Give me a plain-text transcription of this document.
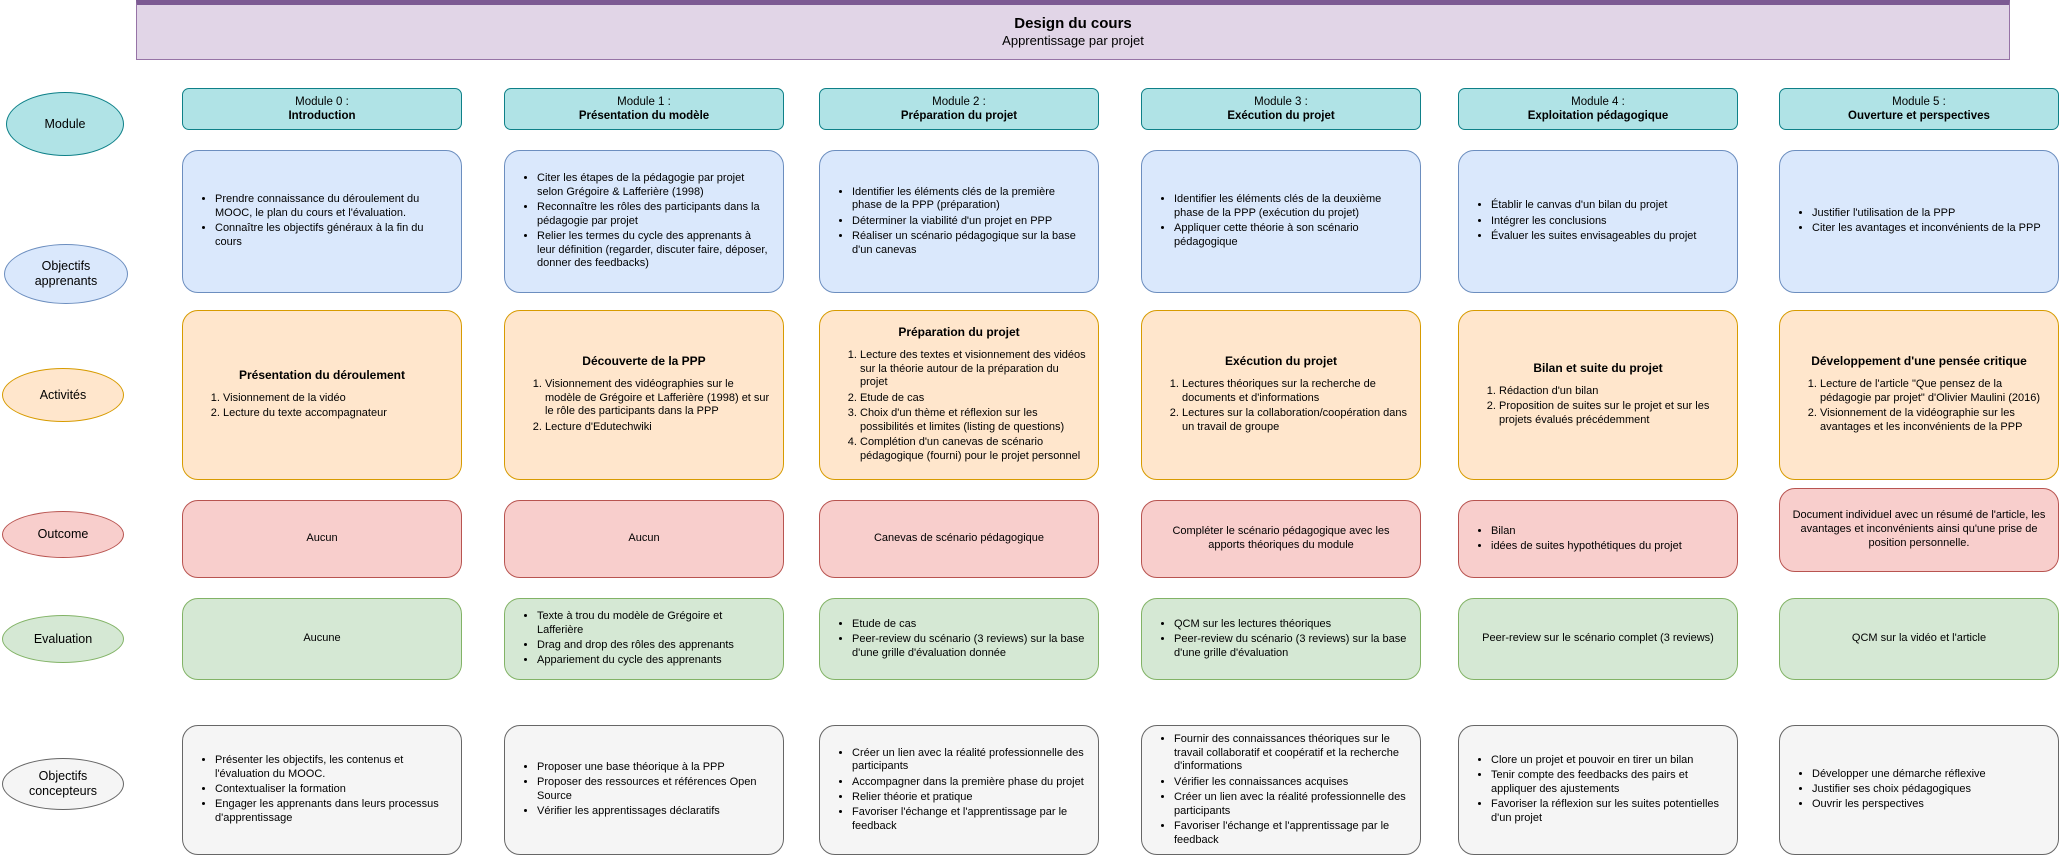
Design du cours
Apprentissage par projet
Module
Objectifs apprenants
Activités
Outcome
Evaluation
Objectifs concepteurs
Module 0 :
Introduction
• Prendre connaissance du déroulement du MOOC, le plan du cours et l'évaluation.
• Connaître les objectifs généraux à la fin du cours
Présentation du déroulement
1. Visionnement de la vidéo
2. Lecture du texte accompagnateur
Aucun
Aucune
• Présenter les objectifs, les contenus et l'évaluation du MOOC.
• Contextualiser la formation
• Engager les apprenants dans leurs processus d'apprentissage
Module 1 :
Présentation du modèle
• Citer les étapes de la pédagogie par projet selon Grégoire & Lafferière (1998)
• Reconnaître les rôles des participants dans la pédagogie par projet
• Relier les termes du cycle des apprenants à leur définition (regarder, discuter faire, déposer, donner des feedbacks)
Découverte de la PPP
1. Visionnement des vidéographies sur le modèle de Grégoire et Lafferière (1998) et sur le rôle des participants dans la PPP
2. Lecture d'Edutechwiki
Aucun
• Texte à trou du modèle de Grégoire et Lafferière
• Drag and drop des rôles des apprenants
• Appariement du cycle des apprenants
• Proposer une base théorique à la PPP
• Proposer des ressources et références Open Source
• Vérifier les apprentissages déclaratifs
Module 2 :
Préparation du projet
• Identifier les éléments clés de la première phase de la PPP (préparation)
• Déterminer la viabilité d'un projet en PPP
• Réaliser un scénario pédagogique sur la base d'un canevas
Préparation du projet
1. Lecture des textes et visionnement des vidéos sur la théorie autour de la préparation du projet
2. Etude de cas
3. Choix d'un thème et réflexion sur les possibilités et limites (listing de questions)
4. Complétion d'un canevas de scénario pédagogique (fourni) pour le projet personnel
Canevas de scénario pédagogique
• Etude de cas
• Peer-review du scénario (3 reviews) sur la base d'une grille d'évaluation donnée
• Créer un lien avec la réalité professionnelle des participants
• Accompagner dans la première phase du projet
• Relier théorie et pratique
• Favoriser l'échange et l'apprentissage par le feedback
Module 3 :
Exécution du projet
• Identifier les éléments clés de la deuxième phase de la PPP (exécution du projet)
• Appliquer cette théorie à son scénario pédagogique
Exécution du projet
1. Lectures théoriques sur la recherche de documents et d'informations
2. Lectures sur la collaboration/coopération dans un travail de groupe
Compléter le scénario pédagogique avec les apports théoriques du module
• QCM sur les lectures théoriques
• Peer-review du scénario (3 reviews) sur la base d'une grille d'évaluation
• Fournir des connaissances théoriques sur le travail collaboratif et coopératif et la recherche d'informations
• Vérifier les connaissances acquises
• Créer un lien avec la réalité professionnelle des participants
• Favoriser l'échange et l'apprentissage par le feedback
Module 4 :
Exploitation pédagogique
• Établir le canvas d'un bilan du projet
• Intégrer les conclusions
• Évaluer les suites envisageables du projet
Bilan et suite du projet
1. Rédaction d'un bilan
2. Proposition de suites sur le projet et sur les projets évalués précédemment
• Bilan
• idées de suites hypothétiques du projet
Peer-review sur le scénario complet (3 reviews)
• Clore un projet et pouvoir en tirer un bilan
• Tenir compte des feedbacks des pairs et appliquer des ajustements
• Favoriser la réflexion sur les suites potentielles d'un projet
Module 5 :
Ouverture et perspectives
• Justifier l'utilisation de la PPP
• Citer les avantages et inconvénients de la PPP
Développement d'une pensée critique
1. Lecture de l'article "Que pensez de la pédagogie par projet" d'Olivier Maulini (2016)
2. Visionnement de la vidéographie sur les avantages et les inconvénients de la PPP
Document individuel avec un résumé de l'article, les avantages et inconvénients ainsi qu'une prise de position personnelle.
QCM sur la vidéo et l'article
• Développer une démarche réflexive
• Justifier ses choix pédagogiques
• Ouvrir les perspectives
